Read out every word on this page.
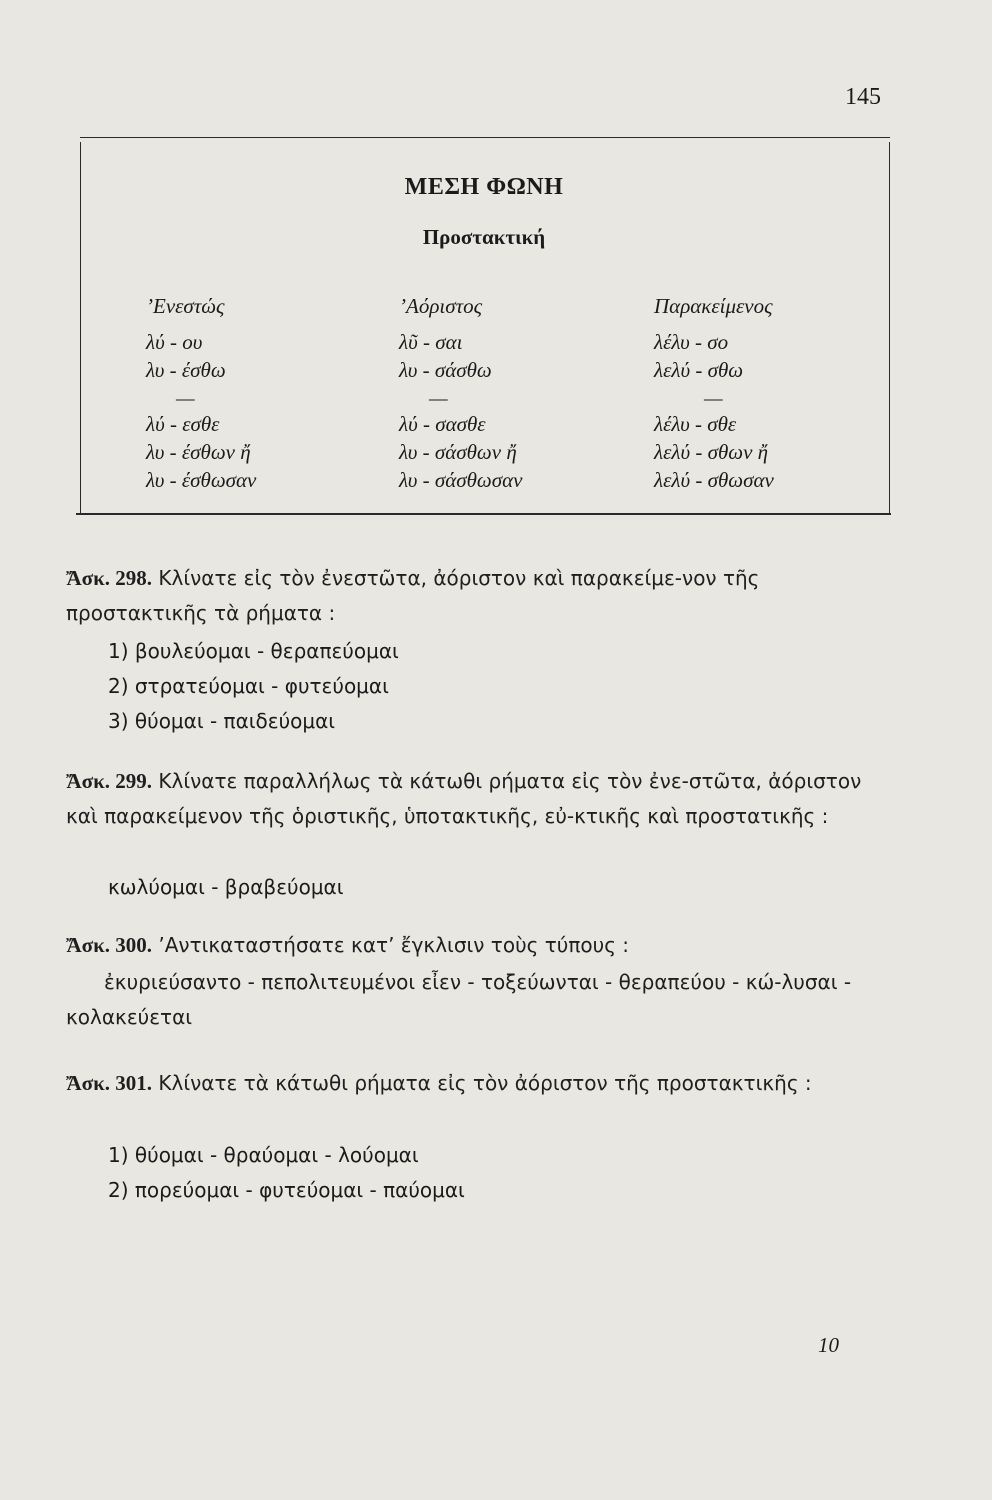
145
ΜΕΣΗ ΦΩΝΗ
Προστακτική
’Ενεστώς
λύ - ου
λυ - έσθω
—
λύ - εσθε
λυ - έσθων ἤ
λυ - έσθωσαν
’Αόριστος
λῦ - σαι
λυ - σάσθω
—
λύ - σασθε
λυ - σάσθων ἤ
λυ - σάσθωσαν
Παρακείμενος
λέλυ - σο
λελύ - σθω
—
λέλυ - σθε
λελύ - σθων ἤ
λελύ - σθωσαν
Ἄσκ. 298. Κλίνατε εἰς τὸν ἐνεστῶτα, ἀόριστον καὶ παρακείμε-νον τῆς προστακτικῆς τὰ ρήματα :
1) βουλεύομαι - θεραπεύομαι
2) στρατεύομαι - φυτεύομαι
3) θύομαι - παιδεύομαι
Ἄσκ. 299. Κλίνατε παραλλήλως τὰ κάτωθι ρήματα εἰς τὸν ἐνε-στῶτα, ἀόριστον καὶ παρακείμενον τῆς ὁριστικῆς, ὑποτακτικῆς, εὐ-κτικῆς καὶ προστατικῆς :
κωλύομαι - βραβεύομαι
Ἄσκ. 300. ’Αντικαταστήσατε κατ’ ἔγκλισιν τοὺς τύπους :
ἐκυριεύσαντο - πεπολιτευμένοι εἶεν - τοξεύωνται - θεραπεύου - κώ-λυσαι - κολακεύεται
Ἄσκ. 301. Κλίνατε τὰ κάτωθι ρήματα εἰς τὸν ἀόριστον τῆς προστακτικῆς :
1) θύομαι - θραύομαι - λούομαι
2) πορεύομαι - φυτεύομαι - παύομαι
10
